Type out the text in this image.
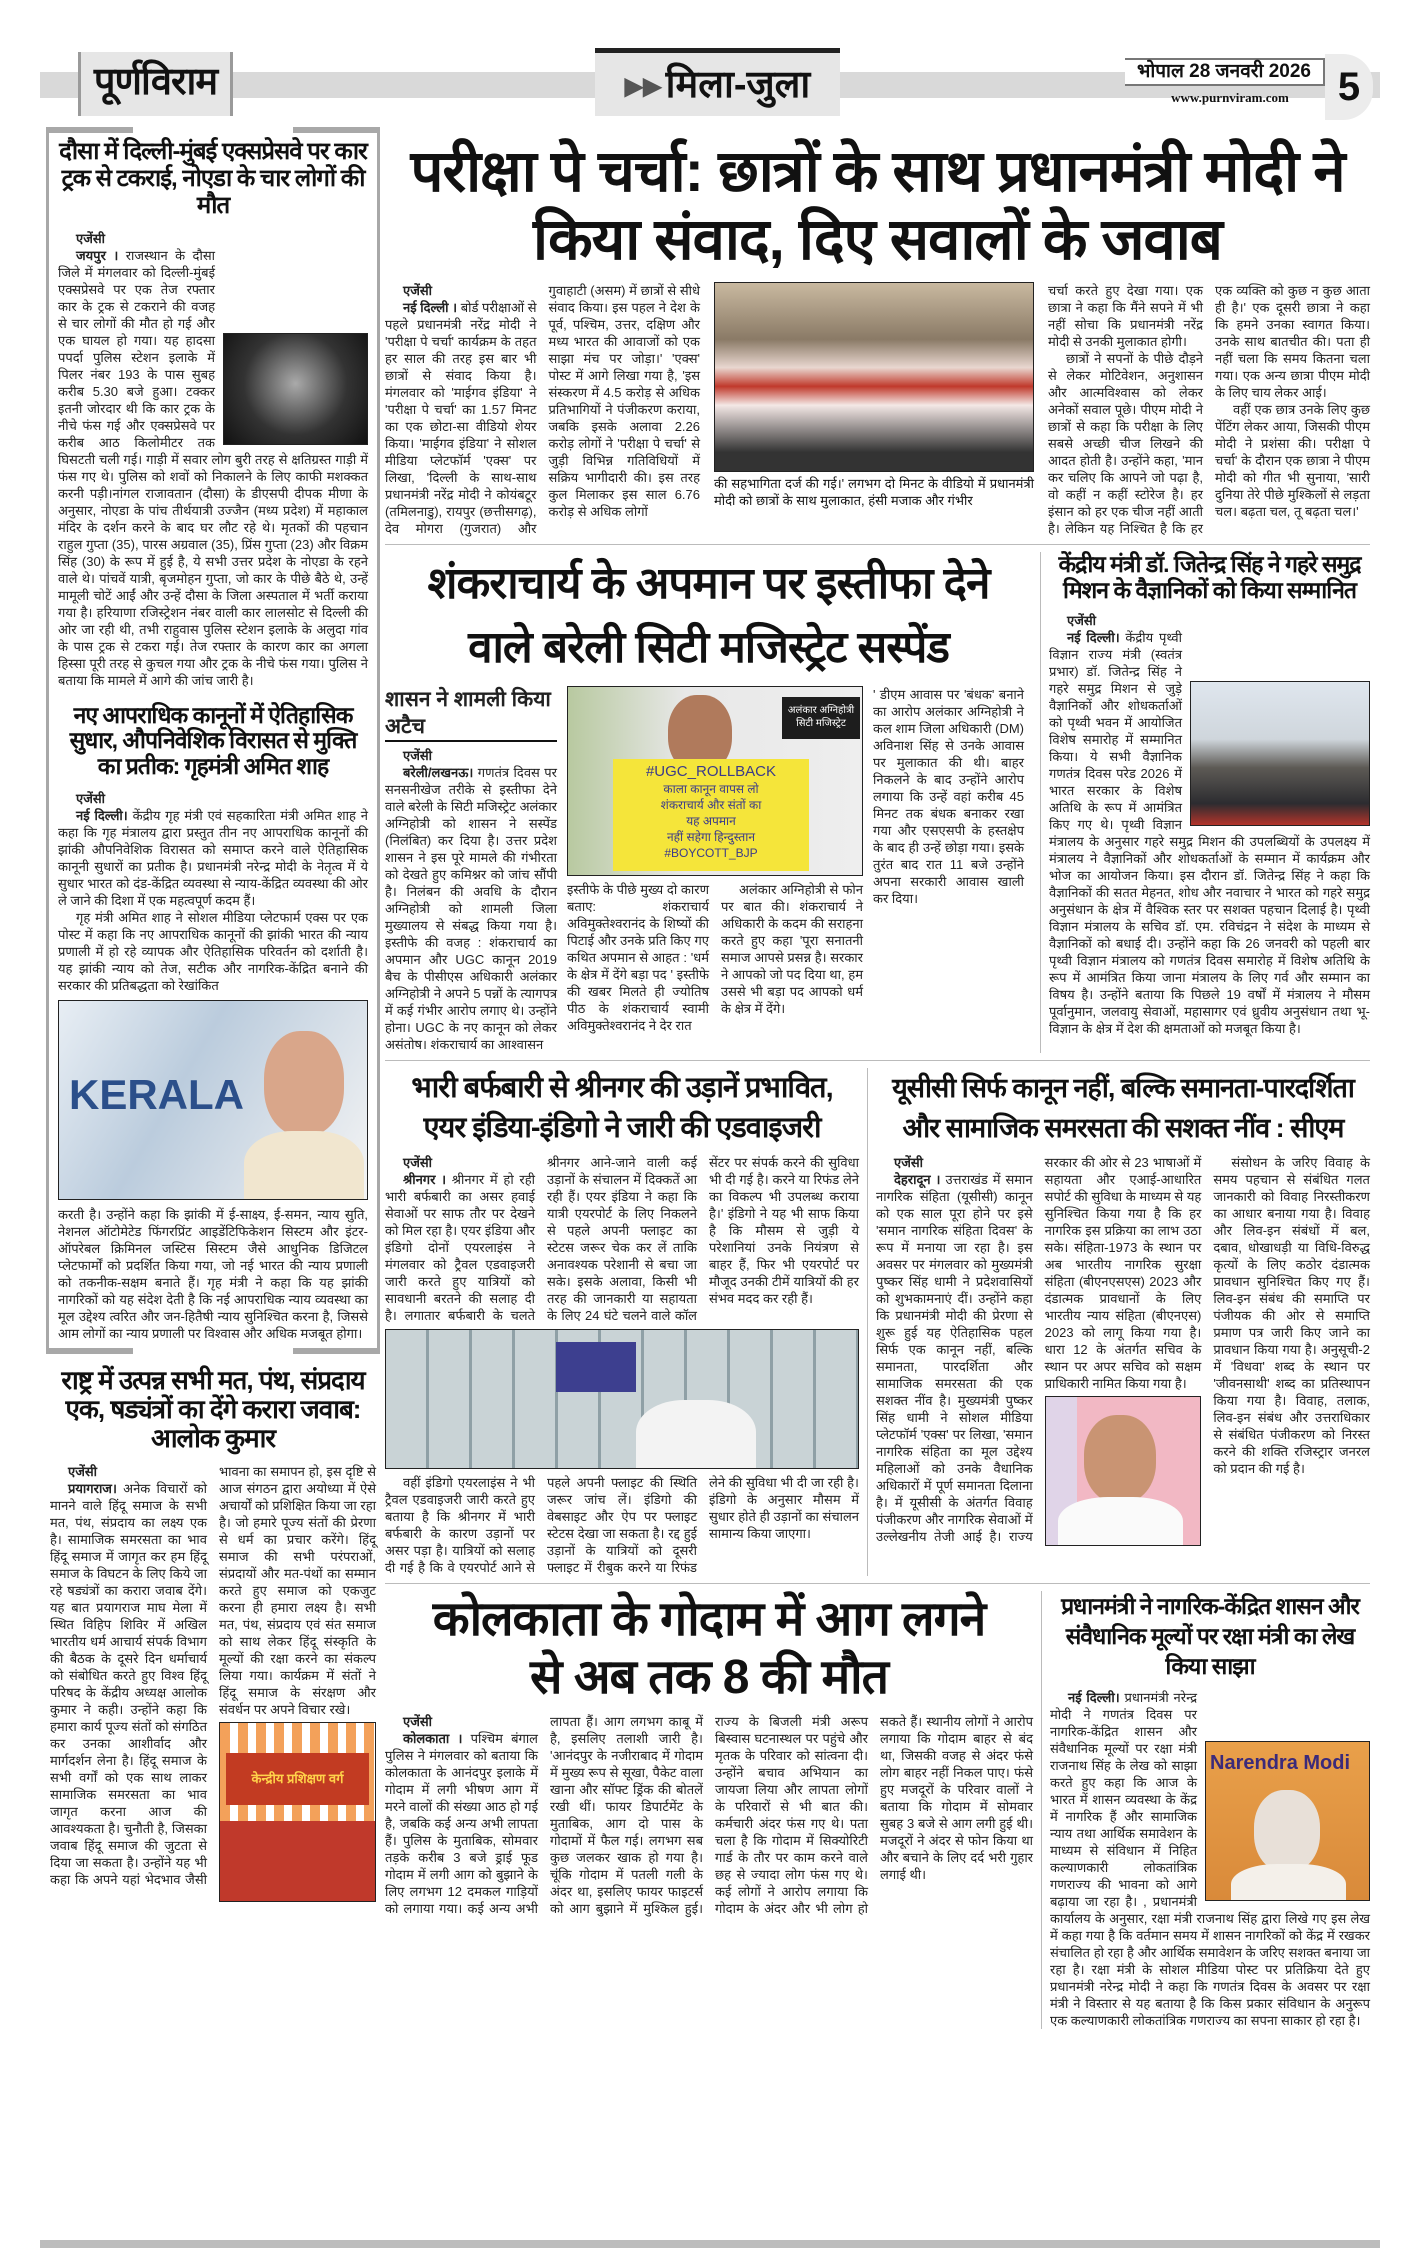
पूर्णविराम	▶▶ मिला-जुला	भोपाल 28 जनवरी 2026
www.purnviram.com	5
दौसा में दिल्ली-मुंबई एक्सप्रेसवे पर कार ट्रक से टकराई, नोएडा के चार लोगों की मौत
एजेंसी

जयपुर । राजस्थान के दौसा जिले में मंगलवार को दिल्ली-मुंबई एक्सप्रेसवे पर एक तेज रफ्तार कार के ट्रक से टकराने की वजह से चार लोगों की मौत हो गई और एक घायल हो गया। यह हादसा पपर्दा पुलिस स्टेशन इलाके में पिलर नंबर 193 के पास सुबह करीब 5.30 बजे हुआ। टक्कर इतनी जोरदार थी कि कार ट्रक के नीचे फंस गई और एक्सप्रेसवे पर करीब आठ किलोमीटर तक घिसटती चली गई। गाड़ी में सवार लोग बुरी तरह से क्षतिग्रस्त गाड़ी में फंस गए थे। पुलिस को शवों को निकालने के लिए काफी मशक्कत करनी पड़ी।नांगल राजावतान (दौसा) के डीएसपी दीपक मीणा के अनुसार, नोएडा के पांच तीर्थयात्री उज्जैन (मध्य प्रदेश) में महाकाल मंदिर के दर्शन करने के बाद घर लौट रहे थे। मृतकों की पहचान राहुल गुप्ता (35), पारस अग्रवाल (35), प्रिंस गुप्ता (23) और विक्रम सिंह (30) के रूप में हुई है, ये सभी उत्तर प्रदेश के नोएडा के रहने वाले थे। पांचवें यात्री, बृजमोहन गुप्ता, जो कार के पीछे बैठे थे, उन्हें मामूली चोटें आईं और उन्हें दौसा के जिला अस्पताल में भर्ती कराया गया है। हरियाणा रजिस्ट्रेशन नंबर वाली कार लालसोट से दिल्ली की ओर जा रही थी, तभी राहुवास पुलिस स्टेशन इलाके के अलुदा गांव के पास ट्रक से टकरा गई। तेज रफ्तार के कारण कार का अगला हिस्सा पूरी तरह से कुचल गया और ट्रक के नीचे फंस गया। पुलिस ने बताया कि मामले में आगे की जांच जारी है।

नए आपराधिक कानूनों में ऐतिहासिक सुधार, औपनिवेशिक विरासत से मुक्ति का प्रतीक: गृहमंत्री अमित शाह
एजेंसी

नई दिल्ली। केंद्रीय गृह मंत्री एवं सहकारिता मंत्री अमित शाह ने कहा कि गृह मंत्रालय द्वारा प्रस्तुत तीन नए आपराधिक कानूनों की झांकी औपनिवेशिक विरासत को समाप्त करने वाले ऐतिहासिक कानूनी सुधारों का प्रतीक है। प्रधानमंत्री नरेन्द्र मोदी के नेतृत्व में ये सुधार भारत को दंड-केंद्रित व्यवस्था से न्याय-केंद्रित व्यवस्था की ओर ले जाने की दिशा में एक महत्वपूर्ण कदम हैं।

गृह मंत्री अमित शाह ने सोशल मीडिया प्लेटफार्म एक्स पर एक पोस्ट में कहा कि नए आपराधिक कानूनों की झांकी भारत की न्याय प्रणाली में हो रहे व्यापक और ऐतिहासिक परिवर्तन को दर्शाती है। यह झांकी न्याय को तेज, सटीक और नागरिक-केंद्रित बनाने की सरकार की प्रतिबद्धता को रेखांकित

KERALA

करती है। उन्होंने कहा कि झांकी में ई-साक्ष्य, ई-समन, न्याय सुति, नेशनल ऑटोमेटेड फिंगरप्रिंट आइडेंटिफिकेशन सिस्टम और इंटर-ऑपरेबल क्रिमिनल जस्टिस सिस्टम जैसे आधुनिक डिजिटल प्लेटफार्मों को प्रदर्शित किया गया, जो नई भारत की न्याय प्रणाली को तकनीक-सक्षम बनाते हैं। गृह मंत्री ने कहा कि यह झांकी नागरिकों को यह संदेश देती है कि नई आपराधिक न्याय व्यवस्था का मूल उद्देश्य त्वरित और जन-हितैषी न्याय सुनिश्चित करना है, जिससे आम लोगों का न्याय प्रणाली पर विश्वास और अधिक मजबूत होगा।

राष्ट्र में उत्पन्न सभी मत, पंथ, संप्रदाय एक, षड्यंत्रों का देंगे करारा जवाब: आलोक कुमार
एजेंसी

प्रयागराज। अनेक विचारों को मानने वाले हिंदू समाज के सभी मत, पंथ, संप्रदाय का लक्ष्य एक है। सामाजिक समरसता का भाव हिंदू समाज में जागृत कर हम हिंदू समाज के विघटन के लिए किये जा रहे षड्यंत्रों का करारा जवाब देंगे। यह बात प्रयागराज माघ मेला में स्थित विहिप शिविर में अखिल भारतीय धर्म आचार्य संपर्क विभाग की बैठक के दूसरे दिन धर्माचार्य को संबोधित करते हुए विश्व हिंदू परिषद के केंद्रीय अध्यक्ष आलोक कुमार ने कही। उन्होंने कहा कि हमारा कार्य पूज्य संतों को संगठित कर उनका आशीर्वाद और मार्गदर्शन लेना है। हिंदू समाज के सभी वर्गों को एक साथ लाकर सामाजिक समरसता का भाव जागृत करना आज की आवश्यकता है। चुनौती है, जिसका जवाब हिंदू समाज की जुटता से दिया जा सकता है। उन्होंने यह भी कहा कि अपने यहां भेदभाव जैसी भावना का समापन हो, इस दृष्टि से आज संगठन द्वारा अयोध्या में ऐसे अचार्यों को प्रशिक्षित किया जा रहा है। जो हमारे पूज्य संतों की प्रेरणा से धर्म का प्रचार करेंगे। हिंदू समाज की सभी परंपराओं, संप्रदायों और मत-पंथों का सम्मान करते हुए समाज को एकजुट करना ही हमारा लक्ष्य है। सभी मत, पंथ, संप्रदाय एवं संत समाज को साथ लेकर हिंदू संस्कृति के मूल्यों की रक्षा करने का संकल्प लिया गया। कार्यक्रम में संतों ने हिंदू समाज के संरक्षण और संवर्धन पर अपने विचार रखे।

केन्द्रीय प्रशिक्षण वर्ग
परीक्षा पे चर्चा: छात्रों के साथ प्रधानमंत्री मोदी ने
किया संवाद, दिए सवालों के जवाब
एजेंसी

नई दिल्ली । बोर्ड परीक्षाओं से पहले प्रधानमंत्री नरेंद्र मोदी ने 'परीक्षा पे चर्चा' कार्यक्रम के तहत हर साल की तरह इस बार भी छात्रों से संवाद किया है। मंगलवार को 'माईगव इंडिया' ने 'परीक्षा पे चर्चा' का 1.57 मिनट का एक छोटा-सा वीडियो शेयर किया। 'माईगव इंडिया' ने सोशल मीडिया प्लेटफॉर्म 'एक्स' पर लिखा, 'दिल्ली के साथ-साथ प्रधानमंत्री नरेंद्र मोदी ने कोयंबटूर (तमिलनाडु), रायपुर (छत्तीसगढ़), देव मोगरा (गुजरात) और गुवाहाटी (असम) में छात्रों से सीधे संवाद किया। इस पहल ने देश के पूर्व, पश्चिम, उत्तर, दक्षिण और मध्य भारत की आवाजों को एक साझा मंच पर जोड़ा।' 'एक्स' पोस्ट में आगे लिखा गया है, 'इस संस्करण में 4.5 करोड़ से अधिक प्रतिभागियों ने पंजीकरण कराया, जबकि इसके अलावा 2.26 करोड़ लोगों ने 'परीक्षा पे चर्चा' से जुड़ी विभिन्न गतिविधियों में सक्रिय भागीदारी की। इस तरह कुल मिलाकर इस साल 6.76 करोड़ से अधिक लोगों

की सहभागिता दर्ज की गई।' लगभग दो मिनट के वीडियो में प्रधानमंत्री मोदी को छात्रों के साथ मुलाकात, हंसी मजाक और गंभीर

चर्चा करते हुए देखा गया। एक छात्रा ने कहा कि मैंने सपने में भी नहीं सोचा कि प्रधानमंत्री नरेंद्र मोदी से उनकी मुलाकात होगी।

छात्रों ने सपनों के पीछे दौड़ने से लेकर मोटिवेशन, अनुशासन और आत्मविश्वास को लेकर अनेकों सवाल पूछे। पीएम मोदी ने छात्रों से कहा कि परीक्षा के लिए सबसे अच्छी चीज लिखने की आदत होती है। उन्होंने कहा, 'मान कर चलिए कि आपने जो पढ़ा है, वो कहीं न कहीं स्टोरेज है। हर इंसान को हर एक चीज नहीं आती है। लेकिन यह निश्चित है कि हर एक व्यक्ति को कुछ न कुछ आता ही है।' एक दूसरी छात्रा ने कहा कि हमने उनका स्वागत किया। उनके साथ बातचीत की। पता ही नहीं चला कि समय कितना चला गया। एक अन्य छात्रा पीएम मोदी के लिए चाय लेकर आई।

वहीं एक छात्र उनके लिए कुछ पेंटिंग लेकर आया, जिसकी पीएम मोदी ने प्रशंसा की। परीक्षा पे चर्चा' के दौरान एक छात्रा ने पीएम मोदी को गीत भी सुनाया, 'सारी दुनिया तेरे पीछे मुश्किलों से लड़ता चल। बढ़ता चल, तू बढ़ता चल।'

शंकराचार्य के अपमान पर इस्तीफा देने
वाले बरेली सिटी मजिस्ट्रेट सस्पेंड
शासन ने शामली किया अटैच
एजेंसी

बरेली/लखनऊ। गणतंत्र दिवस पर सनसनीखेज तरीके से इस्तीफा देने वाले बरेली के सिटी मजिस्ट्रेट अलंकार अग्निहोत्री को शासन ने सस्पेंड (निलंबित) कर दिया है। उत्तर प्रदेश शासन ने इस पूरे मामले की गंभीरता को देखते हुए कमिश्नर को जांच सौंपी है। निलंबन की अवधि के दौरान अग्निहोत्री को शामली जिला मुख्यालय से संबद्ध किया गया है। इस्तीफे की वजह : शंकराचार्य का अपमान और UGC कानून 2019 बैच के पीसीएस अधिकारी अलंकार अग्निहोत्री ने अपने 5 पन्नों के त्यागपत्र में कई गंभीर आरोप लगाए थे। उन्होंने होना। UGC के नए कानून को लेकर असंतोष। शंकराचार्य का आश्वासन

अलंकार अग्निहोत्री
सिटी मजिस्ट्रेट
#UGC_ROLLBACK
काला कानून वापस लो
शंकराचार्य और संतों का
यह अपमान
नहीं सहेगा हिन्दुस्तान
#BOYCOTT_BJP

इस्तीफे के पीछे मुख्य दो कारण बताए: शंकराचार्य अविमुक्तेश्वरानंद के शिष्यों की पिटाई और उनके प्रति किए गए कथित अपमान से आहत : 'धर्म के क्षेत्र में देंगे बड़ा पद ' इस्तीफे की खबर मिलते ही ज्योतिष पीठ के शंकराचार्य स्वामी अविमुक्तेश्वरानंद ने देर रात

अलंकार अग्निहोत्री से फोन पर बात की। शंकराचार्य ने अधिकारी के कदम की सराहना करते हुए कहा 'पूरा सनातनी समाज आपसे प्रसन्न है। सरकार ने आपको जो पद दिया था, हम उससे भी बड़ा पद आपको धर्म के क्षेत्र में देंगे।

' डीएम आवास पर 'बंधक' बनाने का आरोप अलंकार अग्निहोत्री ने कल शाम जिला अधिकारी (DM) अविनाश सिंह से उनके आवास पर मुलाकात की थी। बाहर निकलने के बाद उन्होंने आरोप लगाया कि उन्हें वहां करीब 45 मिनट तक बंधक बनाकर रखा गया और एसएसपी के हस्तक्षेप के बाद ही उन्हें छोड़ा गया। इसके तुरंत बाद रात 11 बजे उन्होंने अपना सरकारी आवास खाली कर दिया।

केंद्रीय मंत्री डॉ. जितेन्द्र सिंह ने गहरे समुद्र मिशन के वैज्ञानिकों को किया सम्मानित
एजेंसी

नई दिल्ली। केंद्रीय पृथ्वी विज्ञान राज्य मंत्री (स्वतंत्र प्रभार) डॉ. जितेन्द्र सिंह ने गहरे समुद्र मिशन से जुड़े वैज्ञानिकों और शोधकर्ताओं को पृथ्वी भवन में आयोजित विशेष समारोह में सम्मानित किया। ये सभी वैज्ञानिक गणतंत्र दिवस परेड 2026 में भारत सरकार के विशेष अतिथि के रूप में आमंत्रित किए गए थे। पृथ्वी विज्ञान मंत्रालय के अनुसार गहरे समुद्र मिशन की उपलब्धियों के उपलक्ष्य में मंत्रालय ने वैज्ञानिकों और शोधकर्ताओं के सम्मान में कार्यक्रम और भोज का आयोजन किया। इस दौरान डॉ. जितेन्द्र सिंह ने कहा कि वैज्ञानिकों की सतत मेहनत, शोध और नवाचार ने भारत को गहरे समुद्र अनुसंधान के क्षेत्र में वैश्विक स्तर पर सशक्त पहचान दिलाई है। पृथ्वी विज्ञान मंत्रालय के सचिव डॉ. एम. रविचंद्रन ने संदेश के माध्यम से वैज्ञानिकों को बधाई दी। उन्होंने कहा कि 26 जनवरी को पहली बार पृथ्वी विज्ञान मंत्रालय को गणतंत्र दिवस समारोह में विशेष अतिथि के रूप में आमंत्रित किया जाना मंत्रालय के लिए गर्व और सम्मान का विषय है। उन्होंने बताया कि पिछले 19 वर्षों में मंत्रालय ने मौसम पूर्वानुमान, जलवायु सेवाओं, महासागर एवं ध्रुवीय अनुसंधान तथा भू-विज्ञान के क्षेत्र में देश की क्षमताओं को मजबूत किया है।

भारी बर्फबारी से श्रीनगर की उड़ानें प्रभावित,
एयर इंडिया-इंडिगो ने जारी की एडवाइजरी
एजेंसी

श्रीनगर । श्रीनगर में हो रही भारी बर्फबारी का असर हवाई सेवाओं पर साफ तौर पर देखने को मिल रहा है। एयर इंडिया और इंडिगो दोनों एयरलाइंस ने मंगलवार को ट्रैवल एडवाइजरी जारी करते हुए यात्रियों को सावधानी बरतने की सलाह दी है। लगातार बर्फबारी के चलते श्रीनगर आने-जाने वाली कई उड़ानों के संचालन में दिक्कतें आ रही हैं। एयर इंडिया ने कहा कि यात्री एयरपोर्ट के लिए निकलने से पहले अपनी फ्लाइट का स्टेटस जरूर चेक कर लें ताकि अनावश्यक परेशानी से बचा जा सके। इसके अलावा, किसी भी तरह की जानकारी या सहायता के लिए 24 घंटे चलने वाले कॉल सेंटर पर संपर्क करने की सुविधा भी दी गई है। करने या रिफंड लेने का विकल्प भी उपलब्ध कराया है।' इंडिगो ने यह भी साफ किया है कि मौसम से जुड़ी ये परेशानियां उनके नियंत्रण से बाहर हैं, फिर भी एयरपोर्ट पर मौजूद उनकी टीमें यात्रियों की हर संभव मदद कर रही हैं।

वहीं इंडिगो एयरलाइंस ने भी ट्रैवल एडवाइजरी जारी करते हुए बताया है कि श्रीनगर में भारी बर्फबारी के कारण उड़ानों पर असर पड़ा है। यात्रियों को सलाह दी गई है कि वे एयरपोर्ट आने से पहले अपनी फ्लाइट की स्थिति जरूर जांच लें। इंडिगो की वेबसाइट और ऐप पर फ्लाइट स्टेटस देखा जा सकता है। रद्द हुई उड़ानों के यात्रियों को दूसरी फ्लाइट में रीबुक करने या रिफंड लेने की सुविधा भी दी जा रही है। इंडिगो के अनुसार मौसम में सुधार होते ही उड़ानों का संचालन सामान्य किया जाएगा।

यूसीसी सिर्फ कानून नहीं, बल्कि समानता-पारदर्शिता
और सामाजिक समरसता की सशक्त नींव : सीएम
एजेंसी

देहरादून । उत्तराखंड में समान नागरिक संहिता (यूसीसी) कानून को एक साल पूरा होने पर इसे 'समान नागरिक संहिता दिवस' के रूप में मनाया जा रहा है। इस अवसर पर मंगलवार को मुख्यमंत्री पुष्कर सिंह धामी ने प्रदेशवासियों को शुभकामनाएं दीं। उन्होंने कहा कि प्रधानमंत्री मोदी की प्रेरणा से शुरू हुई यह ऐतिहासिक पहल सिर्फ एक कानून नहीं, बल्कि समानता, पारदर्शिता और सामाजिक समरसता की एक सशक्त नींव है। मुख्यमंत्री पुष्कर सिंह धामी ने सोशल मीडिया प्लेटफॉर्म 'एक्स' पर लिखा, 'समान नागरिक संहिता का मूल उद्देश्य महिलाओं को उनके वैधानिक अधिकारों में पूर्ण समानता दिलाना है। में यूसीसी के अंतर्गत विवाह पंजीकरण और नागरिक सेवाओं में उल्लेखनीय तेजी आई है। राज्य सरकार की ओर से 23 भाषाओं में सहायता और एआई-आधारित सपोर्ट की सुविधा के माध्यम से यह सुनिश्चित किया गया है कि हर नागरिक इस प्रक्रिया का लाभ उठा सके। संहिता-1973 के स्थान पर अब भारतीय नागरिक सुरक्षा संहिता (बीएनएसएस) 2023 और दंडात्मक प्रावधानों के लिए भारतीय न्याय संहिता (बीएनएस) 2023 को लागू किया गया है। धारा 12 के अंतर्गत सचिव के स्थान पर अपर सचिव को सक्षम प्राधिकारी नामित किया गया है।

संसोधन के जरिए विवाह के समय पहचान से संबंधित गलत जानकारी को विवाह निरस्तीकरण का आधार बनाया गया है। विवाह और लिव-इन संबंधों में बल, दबाव, धोखाधड़ी या विधि-विरुद्ध कृत्यों के लिए कठोर दंडात्मक प्रावधान सुनिश्चित किए गए हैं। लिव-इन संबंध की समाप्ति पर पंजीयक की ओर से समाप्ति प्रमाण पत्र जारी किए जाने का प्रावधान किया गया है। अनुसूची-2 में 'विधवा' शब्द के स्थान पर 'जीवनसाथी' शब्द का प्रतिस्थापन किया गया है। विवाह, तलाक, लिव-इन संबंध और उत्तराधिकार से संबंधित पंजीकरण को निरस्त करने की शक्ति रजिस्ट्रार जनरल को प्रदान की गई है।

कोलकाता के गोदाम में आग लगने
से अब तक 8 की मौत
एजेंसी

कोलकाता । पश्चिम बंगाल पुलिस ने मंगलवार को बताया कि कोलकाता के आनंदपुर इलाके में गोदाम में लगी भीषण आग में मरने वालों की संख्या आठ हो गई है, जबकि कई अन्य अभी लापता हैं। पुलिस के मुताबिक, सोमवार तड़के करीब 3 बजे ड्राई फूड गोदाम में लगी आग को बुझाने के लिए लगभग 12 दमकल गाड़ियों को लगाया गया। कई अन्य अभी लापता हैं। आग लगभग काबू में है, इसलिए तलाशी जारी है। 'आनंदपुर के नजीराबाद में गोदाम में मुख्य रूप से सूखा, पैकेट वाला खाना और सॉफ्ट ड्रिंक की बोतलें रखी थीं। फायर डिपार्टमेंट के मुताबिक, आग दो पास के गोदामों में फैल गई। लगभग सब कुछ जलकर खाक हो गया है। चूंकि गोदाम में पतली गली के अंदर था, इसलिए फायर फाइटर्स को आग बुझाने में मुश्किल हुई। राज्य के बिजली मंत्री अरूप बिस्वास घटनास्थल पर पहुंचे और मृतक के परिवार को सांत्वना दी। उन्होंने बचाव अभियान का जायजा लिया और लापता लोगों के परिवारों से भी बात की। कर्मचारी अंदर फंस गए थे। पता चला है कि गोदाम में सिक्योरिटी गार्ड के तौर पर काम करने वाले छह से ज्यादा लोग फंस गए थे। कई लोगों ने आरोप लगाया कि गोदाम के अंदर और भी लोग हो सकते हैं। स्थानीय लोगों ने आरोप लगाया कि गोदाम बाहर से बंद था, जिसकी वजह से अंदर फंसे लोग बाहर नहीं निकल पाए। फंसे हुए मजदूरों के परिवार वालों ने बताया कि गोदाम में सोमवार सुबह 3 बजे से आग लगी हुई थी। मजदूरों ने अंदर से फोन किया था और बचाने के लिए दर्द भरी गुहार लगाई थी।

प्रधानमंत्री ने नागरिक-केंद्रित शासन और संवैधानिक मूल्यों पर रक्षा मंत्री का लेख किया साझा
Narendra Modi

नई दिल्ली। प्रधानमंत्री नरेन्द्र मोदी ने गणतंत्र दिवस पर नागरिक-केंद्रित शासन और संवैधानिक मूल्यों पर रक्षा मंत्री राजनाथ सिंह के लेख को साझा करते हुए कहा कि आज के भारत में शासन व्यवस्था के केंद्र में नागरिक हैं और सामाजिक न्याय तथा आर्थिक समावेशन के माध्यम से संविधान में निहित कल्याणकारी लोकतांत्रिक गणराज्य की भावना को आगे बढ़ाया जा रहा है। , प्रधानमंत्री कार्यालय के अनुसार, रक्षा मंत्री राजनाथ सिंह द्वारा लिखे गए इस लेख में कहा गया है कि वर्तमान समय में शासन नागरिकों को केंद्र में रखकर संचालित हो रहा है और आर्थिक समावेशन के जरिए सशक्त बनाया जा रहा है। रक्षा मंत्री के सोशल मीडिया पोस्ट पर प्रतिक्रिया देते हुए प्रधानमंत्री नरेन्द्र मोदी ने कहा कि गणतंत्र दिवस के अवसर पर रक्षा मंत्री ने विस्तार से यह बताया है कि किस प्रकार संविधान के अनुरूप एक कल्याणकारी लोकतांत्रिक गणराज्य का सपना साकार हो रहा है।
